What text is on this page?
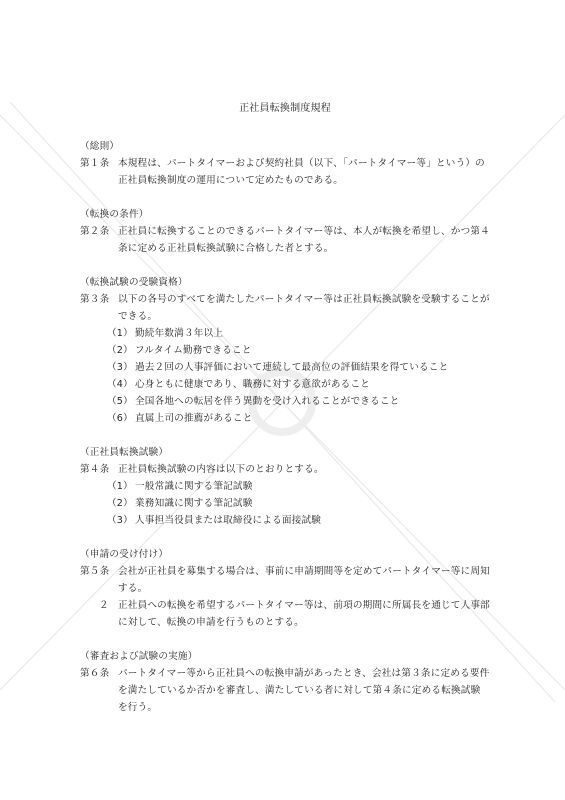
正社員転換制度規程

（総則）

第１条 本規程は、パートタイマーおよび契約社員（以下、「パートタイマー等」という）の正社員転換制度の運用について定めたものである。

（転換の条件）

第２条 正社員に転換することのできるパートタイマー等は、本人が転換を希望し、かつ第４条に定める正社員転換試験に合格した者とする。

（転換試験の受験資格）

第３条 以下の各号のすべてを満たしたパートタイマー等は正社員転換試験を受験することができる。

（1） 勤続年数満３年以上
（2） フルタイム勤務できること
（3） 過去２回の人事評価において連続して最高位の評価結果を得ていること
（4） 心身ともに健康であり、職務に対する意欲があること
（5） 全国各地への転居を伴う異動を受け入れることができること
（6） 直属上司の推薦があること

（正社員転換試験）

第４条 正社員転換試験の内容は以下のとおりとする。

（1） 一般常識に関する筆記試験
（2） 業務知識に関する筆記試験
（3） 人事担当役員または取締役による面接試験

（申請の受け付け）

第５条 会社が正社員を募集する場合は、事前に申請期間等を定めてパートタイマー等に周知する。

２ 正社員への転換を希望するパートタイマー等は、前項の期間に所属長を通じて人事部に対して、転換の申請を行うものとする。

（審査および試験の実施）

第６条 パートタイマー等から正社員への転換申請があったとき、会社は第３条に定める要件を満たしているか否かを審査し、満たしている者に対して第４条に定める転換試験を行う。
